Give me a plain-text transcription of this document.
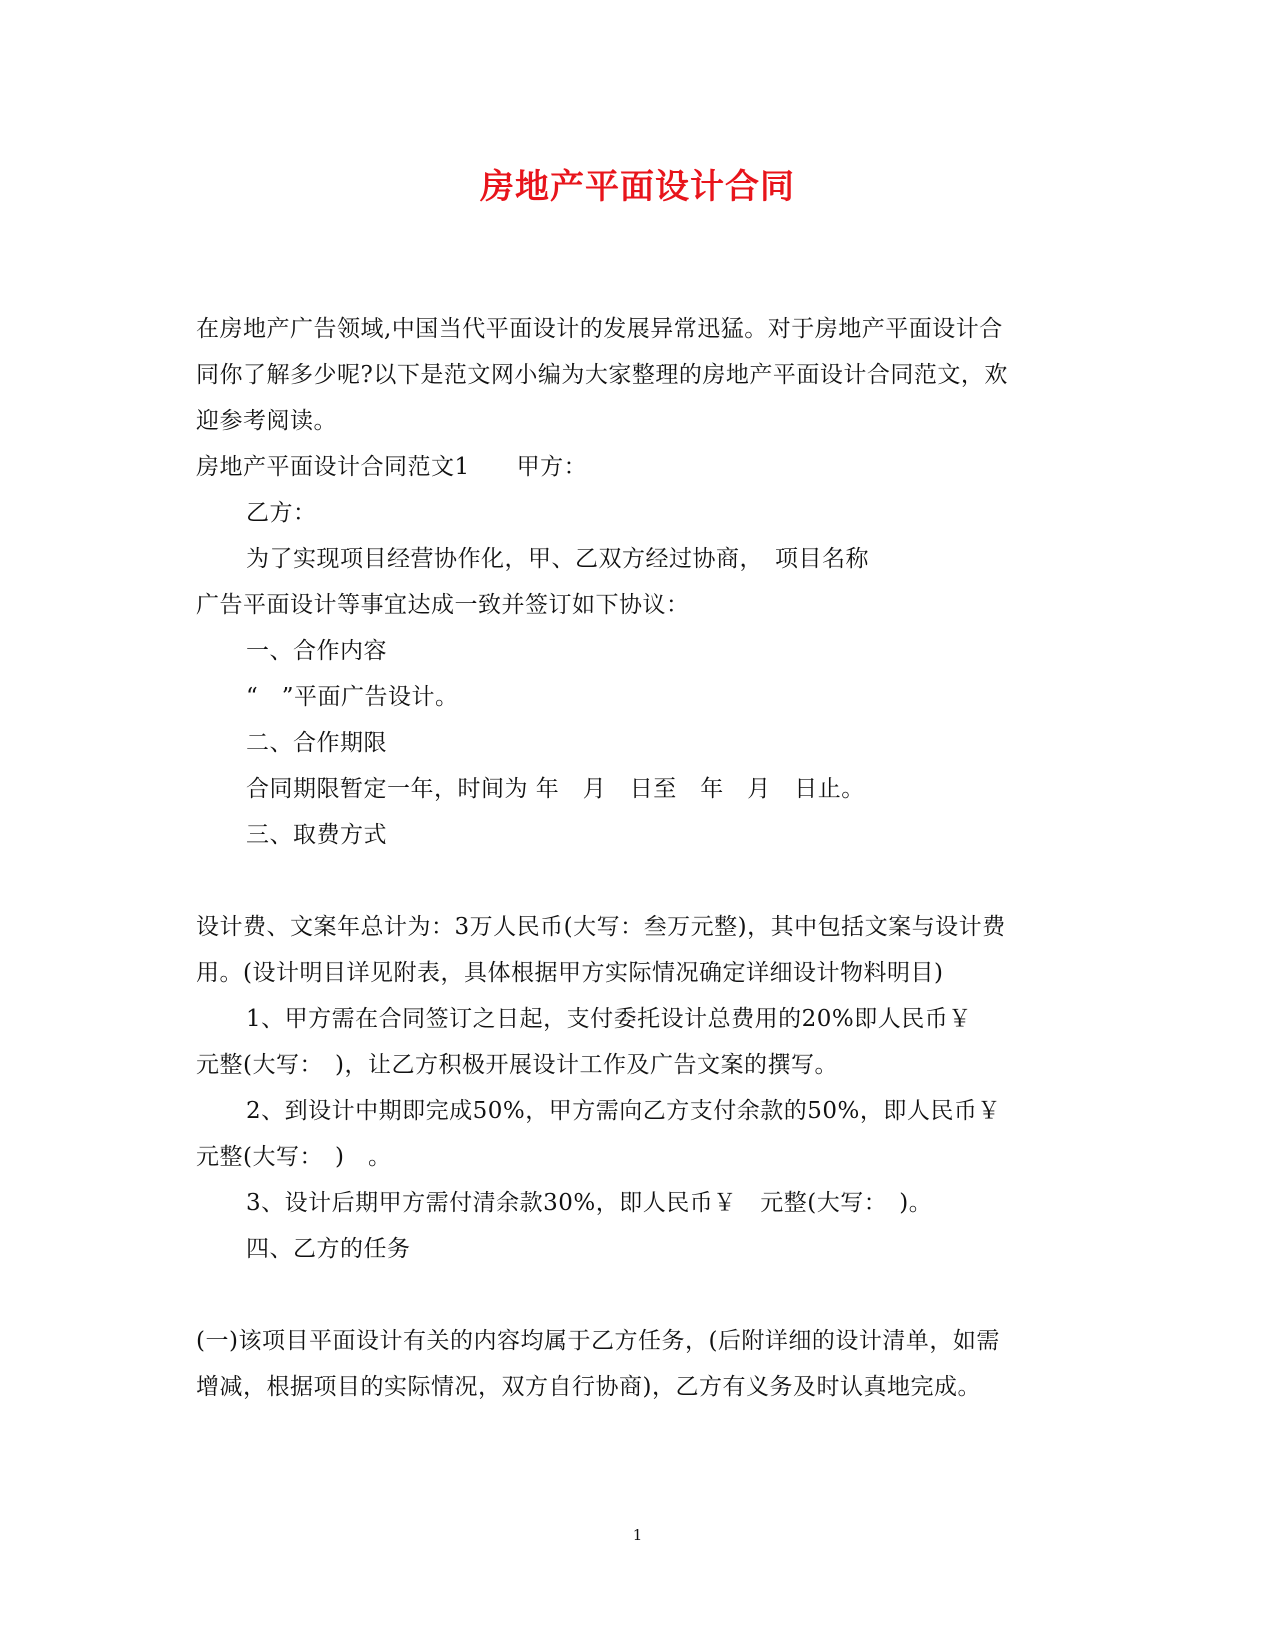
房地产平面设计合同
在房地产广告领域,中国当代平面设计的发展异常迅猛。对于房地产平面设计合
同你了解多少呢?以下是范文网小编为大家整理的房地产平面设计合同范文，欢
迎参考阅读。
房地产平面设计合同范文1　　甲方：
乙方：
为了实现项目经营协作化，甲、乙双方经过协商，　项目名称
广告平面设计等事宜达成一致并签订如下协议：
一、合作内容
“　”平面广告设计。
二、合作期限
合同期限暂定一年，时间为 年　月　日至　年　月　日止。
三、取费方式
设计费、文案年总计为：3万人民币(大写：叁万元整)，其中包括文案与设计费
用。(设计明目详见附表，具体根据甲方实际情况确定详细设计物料明目)
1、甲方需在合同签订之日起，支付委托设计总费用的20%即人民币￥
元整(大写：　)，让乙方积极开展设计工作及广告文案的撰写。
2、到设计中期即完成50%，甲方需向乙方支付余款的50%，即人民币￥
元整(大写：　)　。
3、设计后期甲方需付清余款30%，即人民币￥　元整(大写：　)。
四、乙方的任务
(一)该项目平面设计有关的内容均属于乙方任务，(后附详细的设计清单，如需
增减，根据项目的实际情况，双方自行协商)，乙方有义务及时认真地完成。
1
